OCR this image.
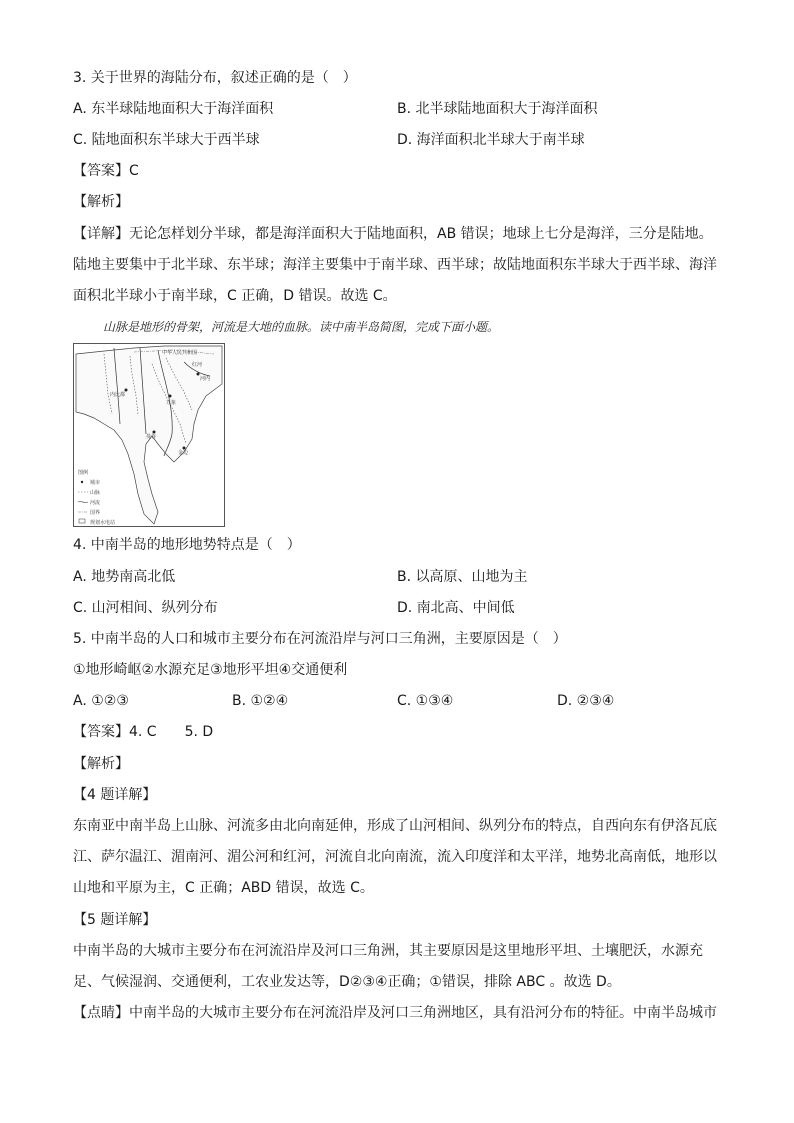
3. 关于世界的海陆分布，叙述正确的是（　）
A. 东半球陆地面积大于海洋面积	B. 北半球陆地面积大于海洋面积
C. 陆地面积东半球大于西半球	D. 海洋面积北半球大于南半球
【答案】C
【解析】
【详解】无论怎样划分半球，都是海洋面积大于陆地面积，AB 错误；地球上七分是海洋，三分是陆地。
陆地主要集中于北半球、东半球；海洋主要集中于南半球、西半球；故陆地面积东半球大于西半球、海洋
面积北半球小于南半球，C 正确，D 错误。故选 C。
山脉是地形的骨架，河流是大地的血脉。读中南半岛简图，完成下面小题。
中华人民共和国
红河
河内
内比都
万象
曼谷
金边
图例
城市
山脉
河流
国界
规划水电站
4. 中南半岛的地形地势特点是（　）
A. 地势南高北低	B. 以高原、山地为主
C. 山河相间、纵列分布	D. 南北高、中间低
5. 中南半岛的人口和城市主要分布在河流沿岸与河口三角洲，主要原因是（　）
①地形崎岖②水源充足③地形平坦④交通便利
A. ①②③	B. ①②④	C. ①③④	D. ②③④
【答案】4. C　　5. D
【解析】
【4 题详解】
东南亚中南半岛上山脉、河流多由北向南延伸，形成了山河相间、纵列分布的特点，自西向东有伊洛瓦底
江、萨尔温江、湄南河、湄公河和红河，河流自北向南流，流入印度洋和太平洋，地势北高南低，地形以
山地和平原为主，C 正确；ABD 错误，故选 C。
【5 题详解】
中南半岛的大城市主要分布在河流沿岸及河口三角洲，其主要原因是这里地形平坦、土壤肥沃，水源充
足、气候湿润、交通便利，工农业发达等，D②③④正确；①错误，排除 ABC 。故选 D。
【点睛】中南半岛的大城市主要分布在河流沿岸及河口三角洲地区，具有沿河分布的特征。中南半岛城市
